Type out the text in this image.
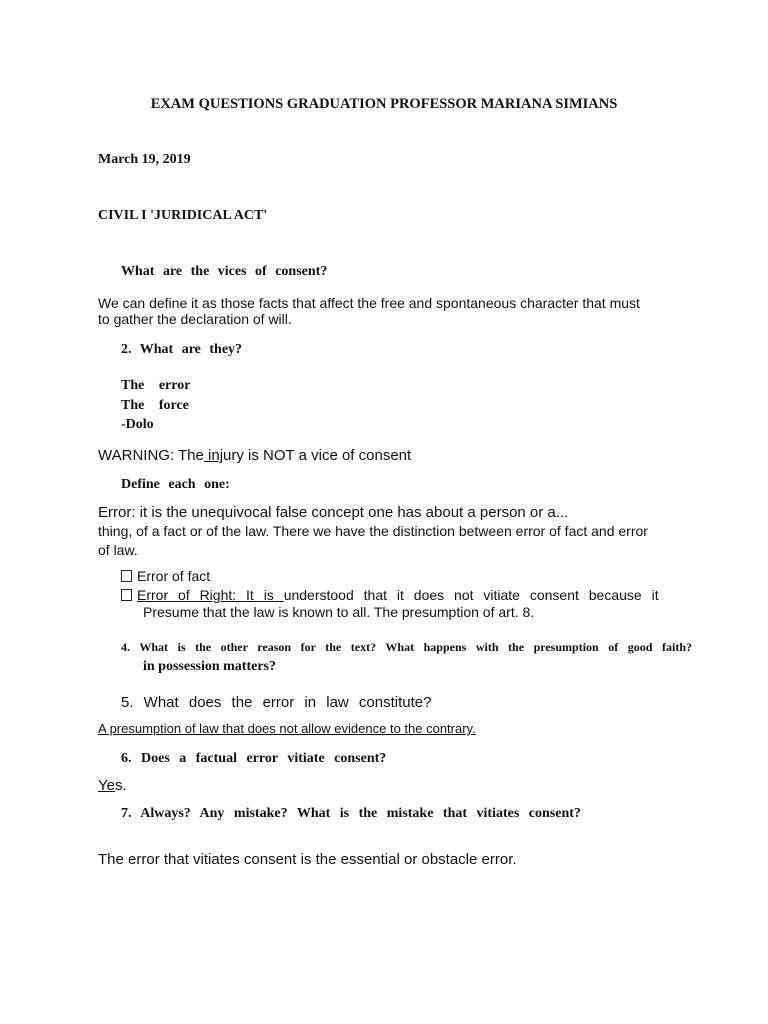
EXAM QUESTIONS GRADUATION PROFESSOR MARIANA SIMIANS
March 19, 2019
CIVIL I 'JURIDICAL ACT'
What are the vices of consent?
We can define it as those facts that affect the free and spontaneous character that must
to gather the declaration of will.
2. What are they?
The error
The force
-Dolo
WARNING: The injury is NOT a vice of consent
Define each one:
Error: it is the unequivocal false concept one has about a person or a...
thing, of a fact or of the law. There we have the distinction between error of fact and error
of law.
Error of fact
Error of Right: It is understood that it does not vitiate consent because it
Presume that the law is known to all. The presumption of art. 8.
4. What is the other reason for the text? What happens with the presumption of good faith?
in possession matters?
5. What does the error in law constitute?
A presumption of law that does not allow evidence to the contrary.
6. Does a factual error vitiate consent?
Yes.
7. Always? Any mistake? What is the mistake that vitiates consent?
The error that vitiates consent is the essential or obstacle error.
